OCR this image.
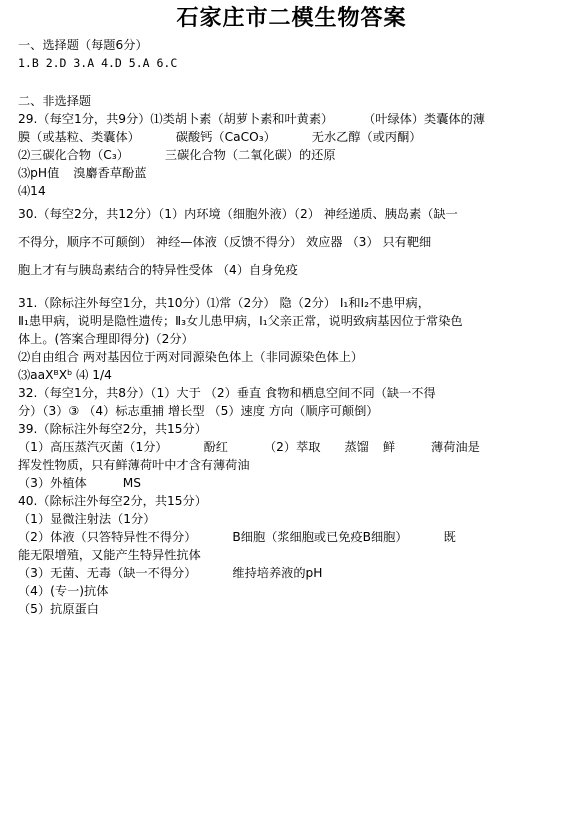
石家庄市二模生物答案
一、选择题（每题6分）
1.B 2.D 3.A 4.D 5.A 6.C
二、非选择题
29.（每空1分，共9分）⑴类胡卜素（胡萝卜素和叶黄素）	（叶绿体）类囊体的薄
膜（或基粒、类囊体）	碳酸钙（CaCO₃）	无水乙醇（或丙酮）
⑵三碳化合物（C₃）	三碳化合物（二氧化碳）的还原
⑶pH值 溴麝香草酚蓝
⑷14
30.（每空2分，共12分）（1）内环境（细胞外液）（2） 神经递质、胰岛素（缺一
不得分，顺序不可颠倒） 神经—体液（反馈不得分） 效应器 （3） 只有靶细
胞上才有与胰岛素结合的特异性受体 （4）自身免疫
31.（除标注外每空1分，共10分）⑴常（2分） 隐（2分） Ⅰ₁和Ⅰ₂不患甲病，
Ⅱ₁患甲病，说明是隐性遗传；Ⅱ₃女儿患甲病，Ⅰ₁父亲正常，说明致病基因位于常染色
体上。(答案合理即得分)（2分）
⑵自由组合 两对基因位于两对同源染色体上（非同源染色体上）
⑶aaXᴮXᵇ ⑷ 1/4
32.（每空1分，共8分）（1）大于 （2）垂直 食物和栖息空间不同（缺一不得
分）（3）③ （4）标志重捕 增长型 （5）速度 方向（顺序可颠倒）
39.（除标注外每空2分，共15分）
（1）高压蒸汽灭菌（1分）	酚红	（2）萃取 蒸馏 鲜	薄荷油是
挥发性物质，只有鲜薄荷叶中才含有薄荷油
（3）外植体	MS
40.（除标注外每空2分，共15分）
（1）显微注射法（1分）
（2）体液（只答特异性不得分）	B细胞（浆细胞或已免疫B细胞）	既
能无限增殖，又能产生特异性抗体
（3）无菌、无毒（缺一不得分）	维持培养液的pH
（4）(专一)抗体
（5）抗原蛋白
